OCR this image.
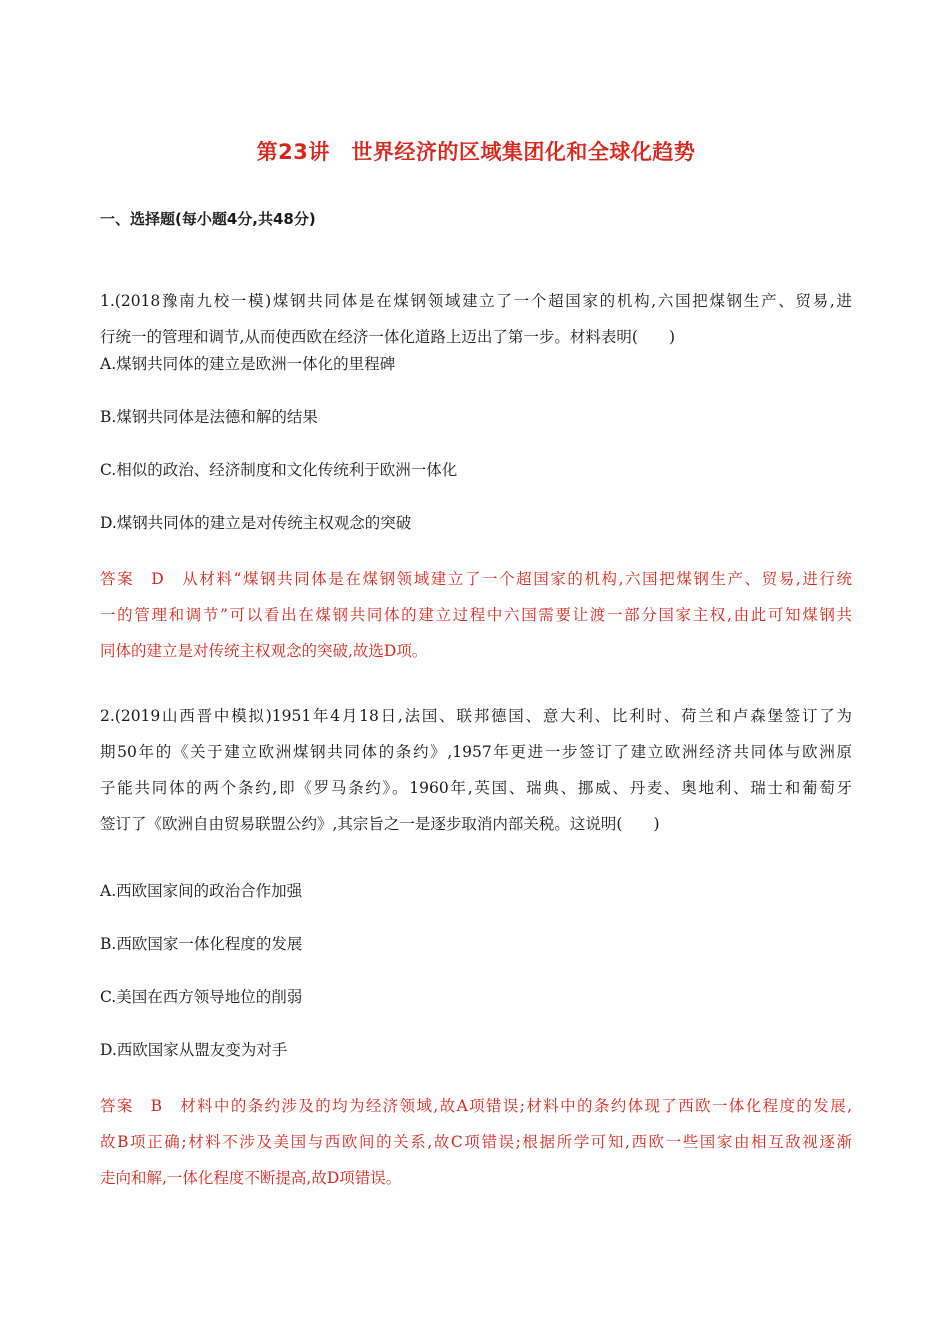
第23讲　世界经济的区域集团化和全球化趋势
一、选择题(每小题4分,共48分)
1.(2018豫南九校一模)煤钢共同体是在煤钢领域建立了一个超国家的机构,六国把煤钢生产、贸易,进
行统一的管理和调节,从而使西欧在经济一体化道路上迈出了第一步。材料表明(　　)
A.煤钢共同体的建立是欧洲一体化的里程碑
B.煤钢共同体是法德和解的结果
C.相似的政治、经济制度和文化传统利于欧洲一体化
D.煤钢共同体的建立是对传统主权观念的突破
答案　D　从材料“煤钢共同体是在煤钢领域建立了一个超国家的机构,六国把煤钢生产、贸易,进行统
一的管理和调节”可以看出在煤钢共同体的建立过程中六国需要让渡一部分国家主权,由此可知煤钢共
同体的建立是对传统主权观念的突破,故选D项。
2.(2019山西晋中模拟)1951年4月18日,法国、联邦德国、意大利、比利时、荷兰和卢森堡签订了为
期50年的《关于建立欧洲煤钢共同体的条约》,1957年更进一步签订了建立欧洲经济共同体与欧洲原
子能共同体的两个条约,即《罗马条约》。1960年,英国、瑞典、挪威、丹麦、奥地利、瑞士和葡萄牙
签订了《欧洲自由贸易联盟公约》,其宗旨之一是逐步取消内部关税。这说明(　　)
A.西欧国家间的政治合作加强
B.西欧国家一体化程度的发展
C.美国在西方领导地位的削弱
D.西欧国家从盟友变为对手
答案　B　材料中的条约涉及的均为经济领域,故A项错误;材料中的条约体现了西欧一体化程度的发展,
故B项正确;材料不涉及美国与西欧间的关系,故C项错误;根据所学可知,西欧一些国家由相互敌视逐渐
走向和解,一体化程度不断提高,故D项错误。
